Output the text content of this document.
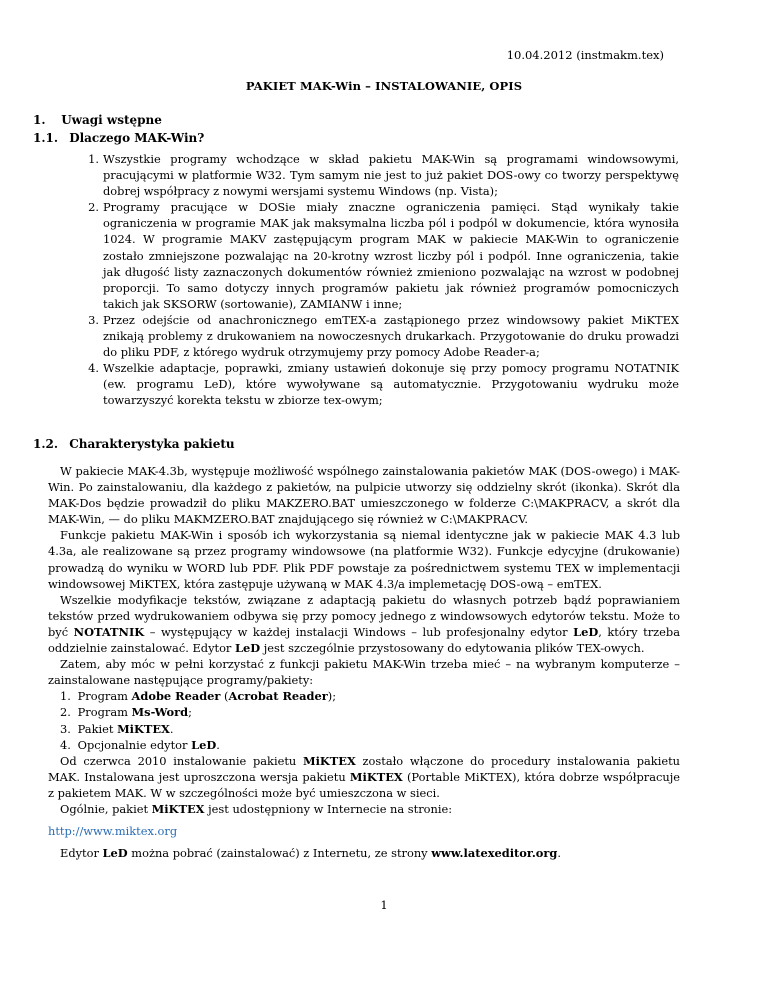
10.04.2012 (instmakm.tex)
PAKIET MAK-Win – INSTALOWANIE, OPIS
1. Uwagi wstępne
1.1. Dlaczego MAK-Win?
1. Wszystkie programy wchodzące w skład pakietu MAK-Win są programami windowsowymi, pracującymi w platformie W32. Tym samym nie jest to już pakiet DOS-owy co tworzy perspektywę dobrej współpracy z nowymi wersjami systemu Windows (np. Vista);
2. Programy pracujące w DOSie miały znaczne ograniczenia pamięci. Stąd wynikały takie ograniczenia w programie MAK jak maksymalna liczba pól i podpól w dokumencie, która wynosiła 1024. W programie MAKV zastępującym program MAK w pakiecie MAK-Win to ograniczenie zostało zmniejszone pozwalając na 20-krotny wzrost liczby pól i podpól. Inne ograniczenia, takie jak długość listy zaznaczonych dokumentów również zmieniono pozwalając na wzrost w podobnej proporcji. To samo dotyczy innych programów pakietu jak również programów pomocniczych takich jak SKSORW (sortowanie), ZAMIANW i inne;
3. Przez odejście od anachronicznego emTEX-a zastąpionego przez windowsowy pakiet MiKTEX znikają problemy z drukowaniem na nowoczesnych drukarkach. Przygotowanie do druku prowadzi do pliku PDF, z którego wydruk otrzymujemy przy pomocy Adobe Reader-a;
4. Wszelkie adaptacje, poprawki, zmiany ustawień dokonuje się przy pomocy programu NOTATNIK (ew. programu LeD), które wywoływane są automatycznie. Przygotowaniu wydruku może towarzyszyć korekta tekstu w zbiorze tex-owym;
1.2. Charakterystyka pakietu
W pakiecie MAK-4.3b, występuje możliwość wspólnego zainstalowania pakietów MAK (DOS-owego) i MAK-Win. Po zainstalowaniu, dla każdego z pakietów, na pulpicie utworzy się oddzielny skrót (ikonka). Skrót dla MAK-Dos będzie prowadził do pliku MAKZERO.BAT umieszczonego w folderze C:\MAKPRACV, a skrót dla MAK-Win, — do pliku MAKMZERO.BAT znajdującego się również w C:\MAKPRACV.
Funkcje pakietu MAK-Win i sposób ich wykorzystania są niemal identyczne jak w pakiecie MAK 4.3 lub 4.3a, ale realizowane są przez programy windowsowe (na platformie W32). Funkcje edycyjne (drukowanie) prowadzą do wyniku w WORD lub PDF. Plik PDF powstaje za pośrednictwem systemu TEX w implementacji windowsowej MiKTEX, która zastępuje używaną w MAK 4.3/a implemetację DOS-ową – emTEX.
Wszelkie modyfikacje tekstów, związane z adaptacją pakietu do własnych potrzeb bądź poprawianiem tekstów przed wydrukowaniem odbywa się przy pomocy jednego z windowsowych edytorów tekstu. Może to być NOTATNIK – występujący w każdej instalacji Windows – lub profesjonalny edytor LeD, który trzeba oddzielnie zainstalować. Edytor LeD jest szczególnie przystosowany do edytowania plików TEX-owych.
Zatem, aby móc w pełni korzystać z funkcji pakietu MAK-Win trzeba mieć – na wybranym komputerze – zainstalowane następujące programy/pakiety:
1. Program Adobe Reader (Acrobat Reader);
2. Program Ms-Word;
3. Pakiet MiKTEX.
4. Opcjonalnie edytor LeD.
Od czerwca 2010 instalowanie pakietu MiKTEX zostało włączone do procedury instalowania pakietu MAK. Instalowana jest uproszczona wersja pakietu MiKTEX (Portable MiKTEX), która dobrze współpracuje z pakietem MAK. W w szczególności może być umieszczona w sieci.
Ogólnie, pakiet MiKTEX jest udostępniony w Internecie na stronie:
http://www.miktex.org
Edytor LeD można pobrać (zainstalować) z Internetu, ze strony www.latexeditor.org.
1
